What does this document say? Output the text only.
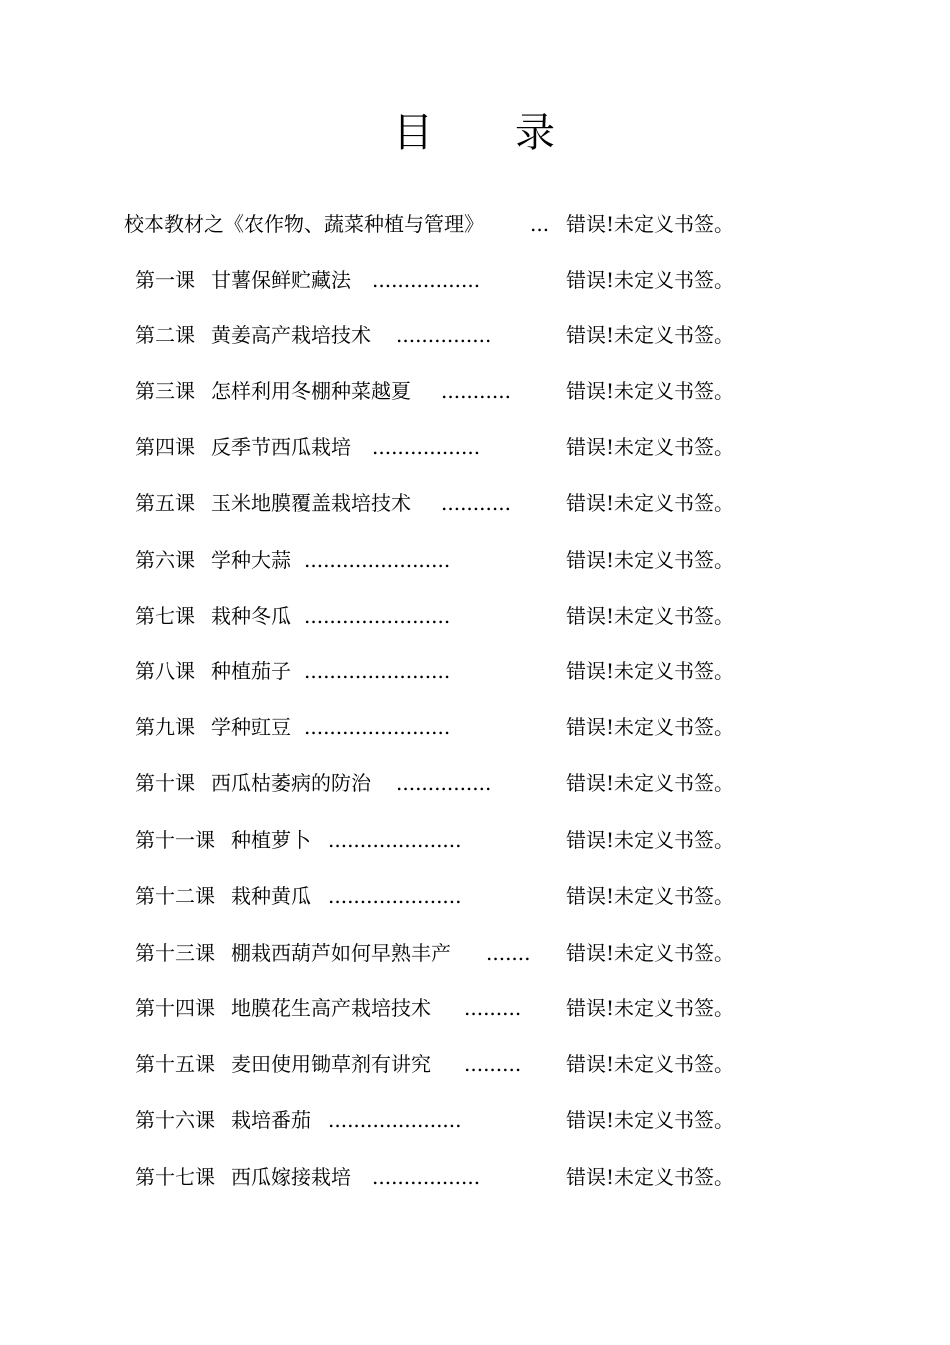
目 录
校本教材之《农作物、蔬菜种植与管理》 ... 错误!未定义书签。
第一课 甘薯保鲜贮藏法 .................	错误!未定义书签。
第二课 黄姜高产栽培技术 ...............	错误!未定义书签。
第三课 怎样利用冬棚种菜越夏 ...........	错误!未定义书签。
第四课 反季节西瓜栽培 .................	错误!未定义书签。
第五课 玉米地膜覆盖栽培技术 ...........	错误!未定义书签。
第六课 学种大蒜 .......................	错误!未定义书签。
第七课 栽种冬瓜 .......................	错误!未定义书签。
第八课 种植茄子 .......................	错误!未定义书签。
第九课 学种豇豆 .......................	错误!未定义书签。
第十课 西瓜枯萎病的防治 ...............	错误!未定义书签。
第十一课 种植萝卜 .....................	错误!未定义书签。
第十二课 栽种黄瓜 .....................	错误!未定义书签。
第十三课 棚栽西葫芦如何早熟丰产 ....... 错误!未定义书签。
第十四课 地膜花生高产栽培技术 ......... 错误!未定义书签。
第十五课 麦田使用锄草剂有讲究 ......... 错误!未定义书签。
第十六课 栽培番茄 .....................	错误!未定义书签。
第十七课 西瓜嫁接栽培 .................	错误!未定义书签。
